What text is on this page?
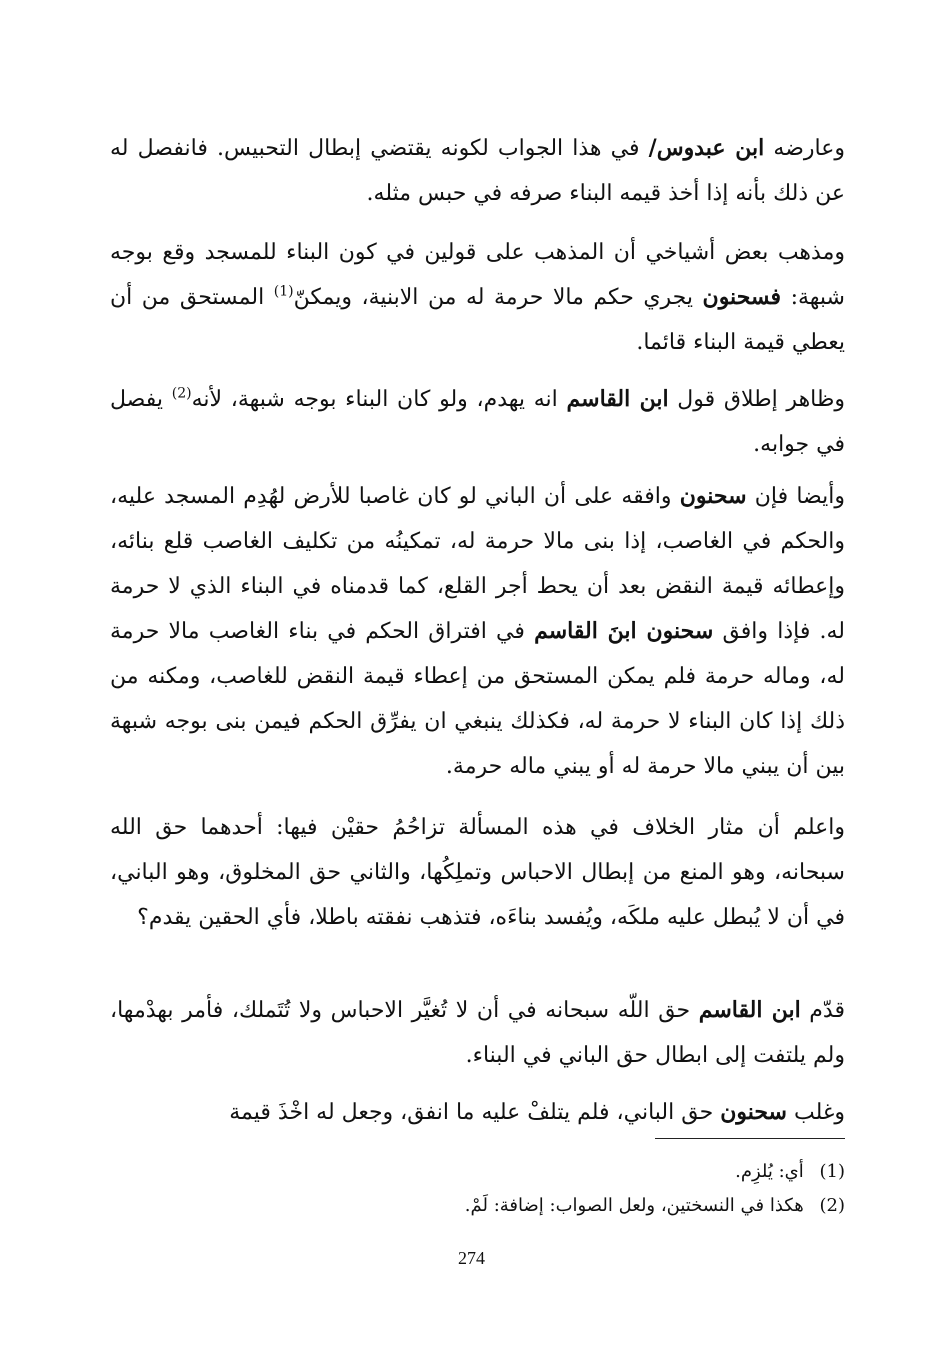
وعارضه ابن عبدوس/ في هذا الجواب لكونه يقتضي إبطال التحبيس. فانفصل له عن ذلك بأنه إذا أخذ قيمه البناء صرفه في حبس مثله.

ومذهب بعض أشياخي أن المذهب على قولين في كون البناء للمسجد وقع بوجه شبهة: فسحنون يجري حكم مالا حرمة له من الابنية، ويمكنّ$^{(1)}$ المستحق من أن يعطي قيمة البناء قائما.

وظاهر إطلاق قول ابن القاسم انه يهدم، ولو كان البناء بوجه شبهة، لأنه$^{(2)}$ يفصل في جوابه.

وأيضا فإن سحنون وافقه على أن الباني لو كان غاصبا للأرض لهُدِم المسجد عليه، والحكم في الغاصب، إذا بنى مالا حرمة له، تمكينُه من تكليف الغاصب قلع بنائه، وإعطائه قيمة النقض بعد أن يحط أجر القلع، كما قدمناه في البناء الذي لا حرمة له. فإذا وافق سحنون ابنَ القاسم في افتراق الحكم في بناء الغاصب مالا حرمة له، وماله حرمة فلم يمكن المستحق من إعطاء قيمة النقض للغاصب، ومكنه من ذلك إذا كان البناء لا حرمة له، فكذلك ينبغي ان يفرِّق الحكم فيمن بنى بوجه شبهة بين أن يبني مالا حرمة له أو يبني ماله حرمة.

واعلم أن مثار الخلاف في هذه المسألة تزاحُمُ حقيْن فيها: أحدهما حق الله سبحانه، وهو المنع من إبطال الاحباس وتملِكُها، والثاني حق المخلوق، وهو الباني، في أن لا يُبطل عليه ملكَه، ويُفسد بناءَه، فتذهب نفقته باطلا، فأي الحقين يقدم؟

قدّم ابن القاسم حق اللّه سبحانه في أن لا تُغيَّر الاحباس ولا تُتَملك، فأمر بهدْمها، ولم يلتفت إلى ابطال حق الباني في البناء.

وغلب سحنون حق الباني، فلم يتلفْ عليه ما انفق، وجعل له اخْذَ قيمة

(1) أي: يُلزِم.

(2) هكذا في النسختين، ولعل الصواب: إضافة: لَمْ.

274
